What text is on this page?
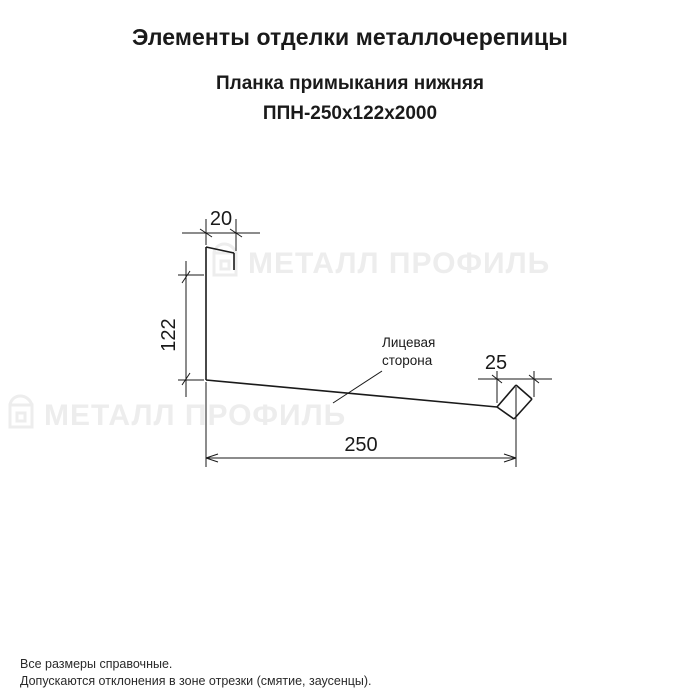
Элементы отделки металлочерепицы
Планка примыкания нижняя
ППН-250x122x2000
МЕТАЛЛ ПРОФИЛЬ
МЕТАЛЛ ПРОФИЛЬ
20
122
250
25
Лицевая
сторона
Все размеры справочные.
Допускаются отклонения в зоне отрезки (смятие, заусенцы).
